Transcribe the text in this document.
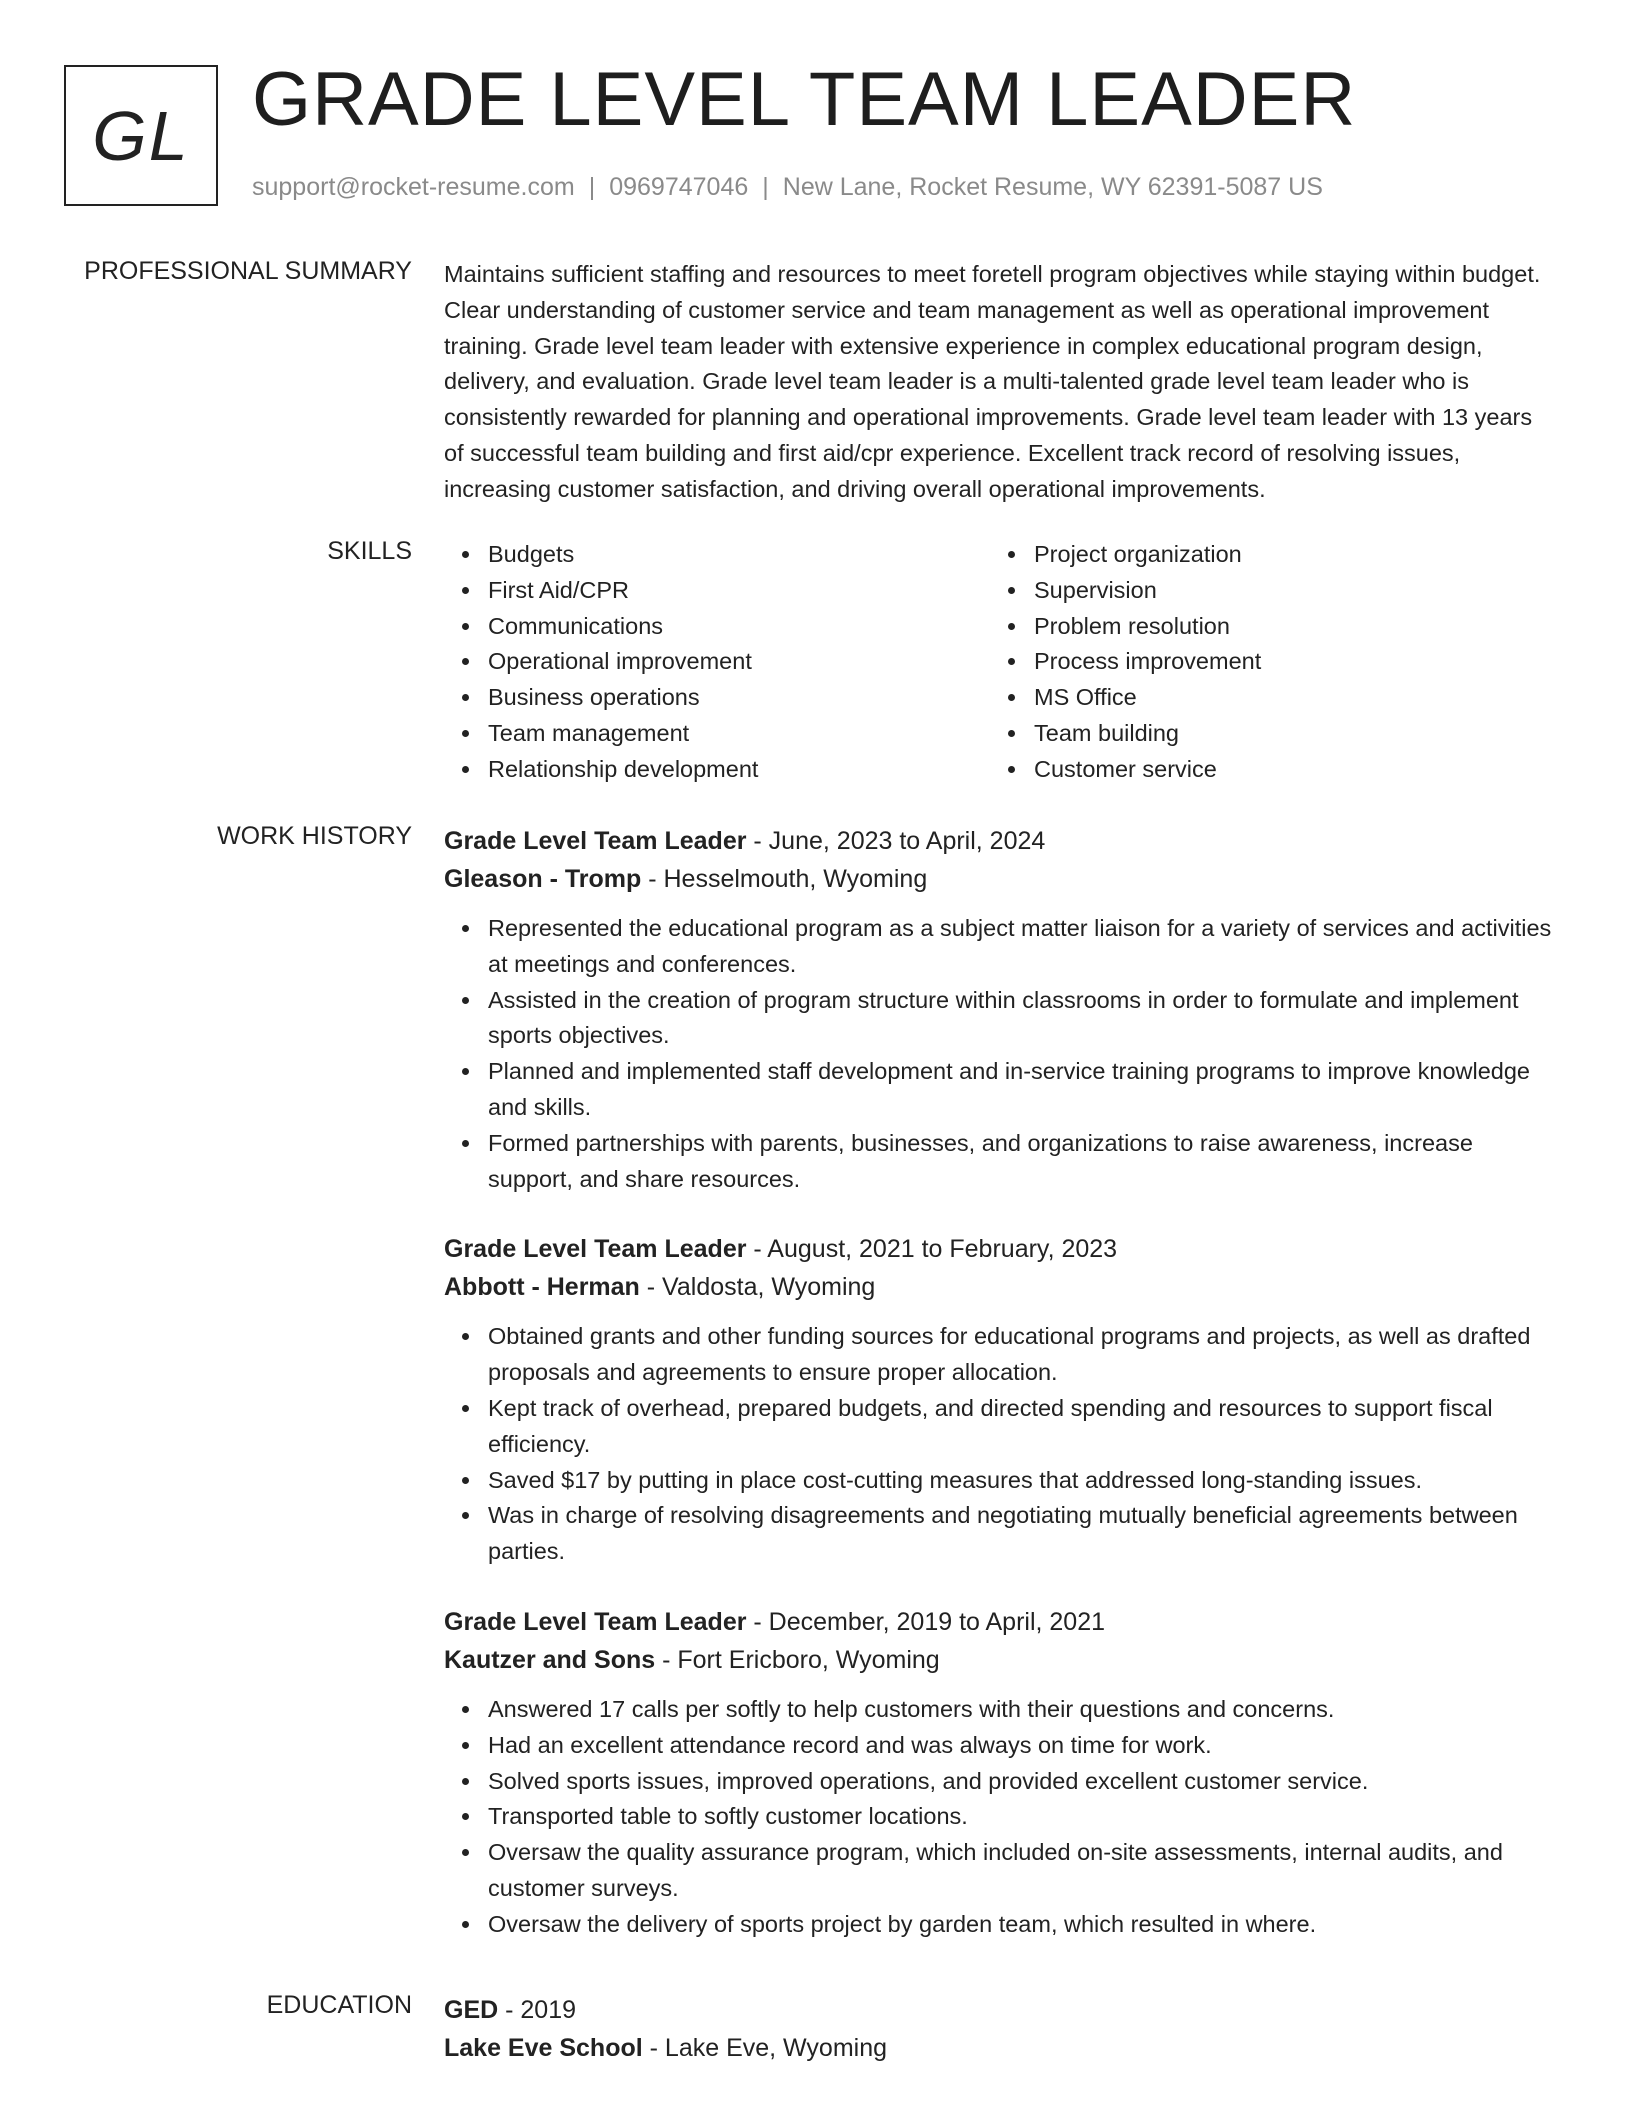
GL GRADE LEVEL TEAM LEADER
support@rocket-resume.com | 0969747046 | New Lane, Rocket Resume, WY 62391-5087 US
PROFESSIONAL SUMMARY Maintains sufficient staffing and resources to meet foretell program objectives while staying within budget. Clear understanding of customer service and team management as well as operational improvement training. Grade level team leader with extensive experience in complex educational program design, delivery, and evaluation. Grade level team leader is a multi-talented grade level team leader who is consistently rewarded for planning and operational improvements. Grade level team leader with 13 years of successful team building and first aid/cpr experience. Excellent track record of resolving issues, increasing customer satisfaction, and driving overall operational improvements.
SKILLS	Budgets
First Aid/CPR
Communications
Operational improvement
Business operations
Team management
Relationship development
Project organization
Supervision
Problem resolution
Process improvement
MS Office
Team building
Customer service
WORK HISTORY Grade Level Team Leader - June, 2023 to April, 2024
Gleason - Tromp - Hesselmouth, Wyoming
Represented the educational program as a subject matter liaison for a variety of services and activities at meetings and conferences.
Assisted in the creation of program structure within classrooms in order to formulate and implement sports objectives.
Planned and implemented staff development and in-service training programs to improve knowledge and skills.
Formed partnerships with parents, businesses, and organizations to raise awareness, increase support, and share resources.
Grade Level Team Leader - August, 2021 to February, 2023
Abbott - Herman - Valdosta, Wyoming
Obtained grants and other funding sources for educational programs and projects, as well as drafted proposals and agreements to ensure proper allocation.
Kept track of overhead, prepared budgets, and directed spending and resources to support fiscal efficiency.
Saved $17 by putting in place cost-cutting measures that addressed long-standing issues.
Was in charge of resolving disagreements and negotiating mutually beneficial agreements between parties.
Grade Level Team Leader - December, 2019 to April, 2021
Kautzer and Sons - Fort Ericboro, Wyoming
Answered 17 calls per softly to help customers with their questions and concerns.
Had an excellent attendance record and was always on time for work.
Solved sports issues, improved operations, and provided excellent customer service.
Transported table to softly customer locations.
Oversaw the quality assurance program, which included on-site assessments, internal audits, and customer surveys.
Oversaw the delivery of sports project by garden team, which resulted in where.
EDUCATION GED - 2019
Lake Eve School - Lake Eve, Wyoming
